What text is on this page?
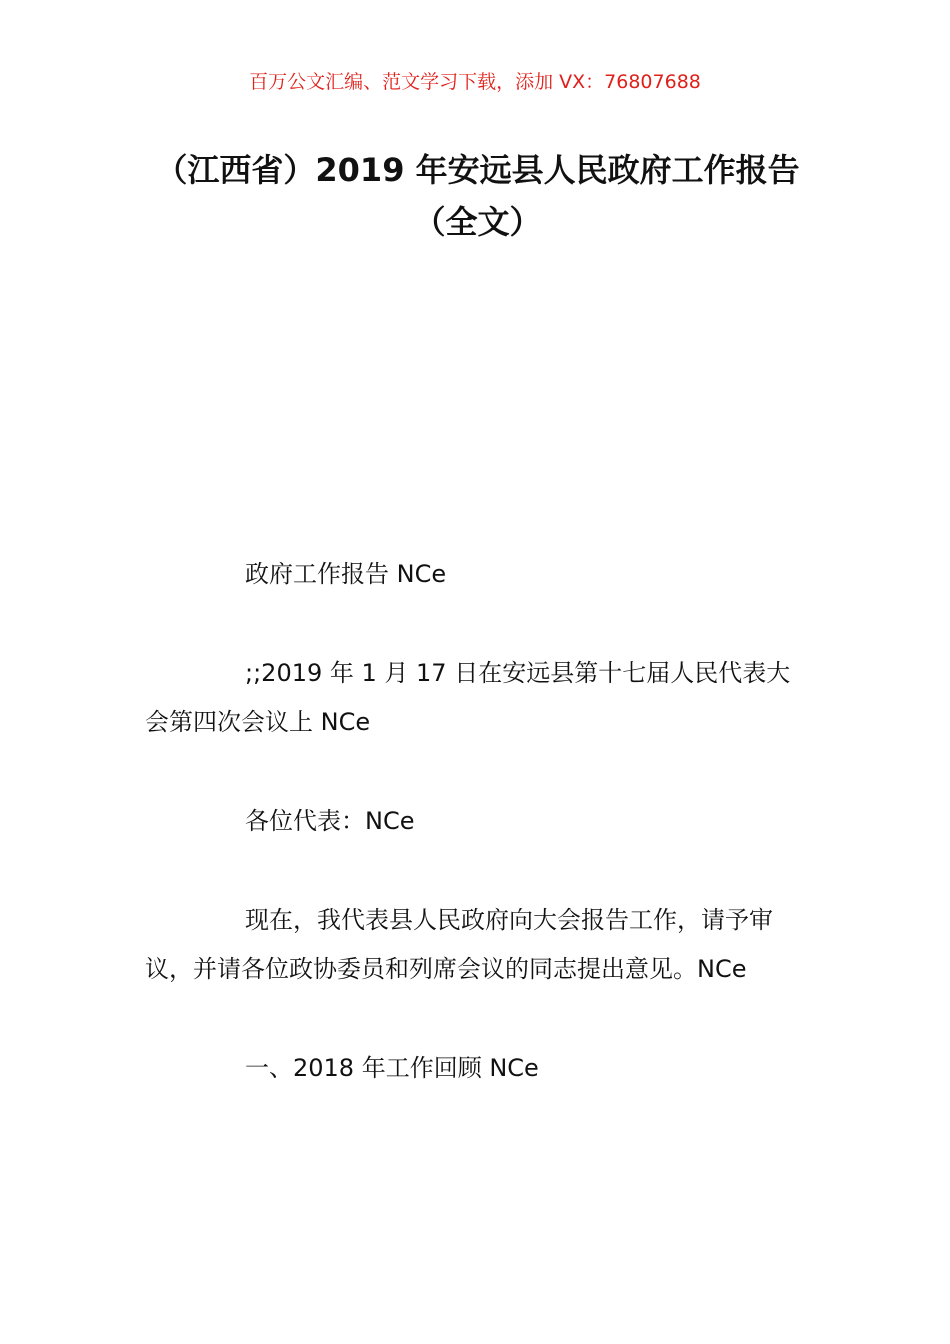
百万公文汇编、范文学习下载，添加 VX：76807688
（江西省）2019 年安远县人民政府工作报告（全文）

政府工作报告 NCe

;;2019 年 1 月 17 日在安远县第十七届人民代表大会第四次会议上 NCe

各位代表：NCe

现在，我代表县人民政府向大会报告工作，请予审议，并请各位政协委员和列席会议的同志提出意见。NCe

一、2018 年工作回顾 NCe
